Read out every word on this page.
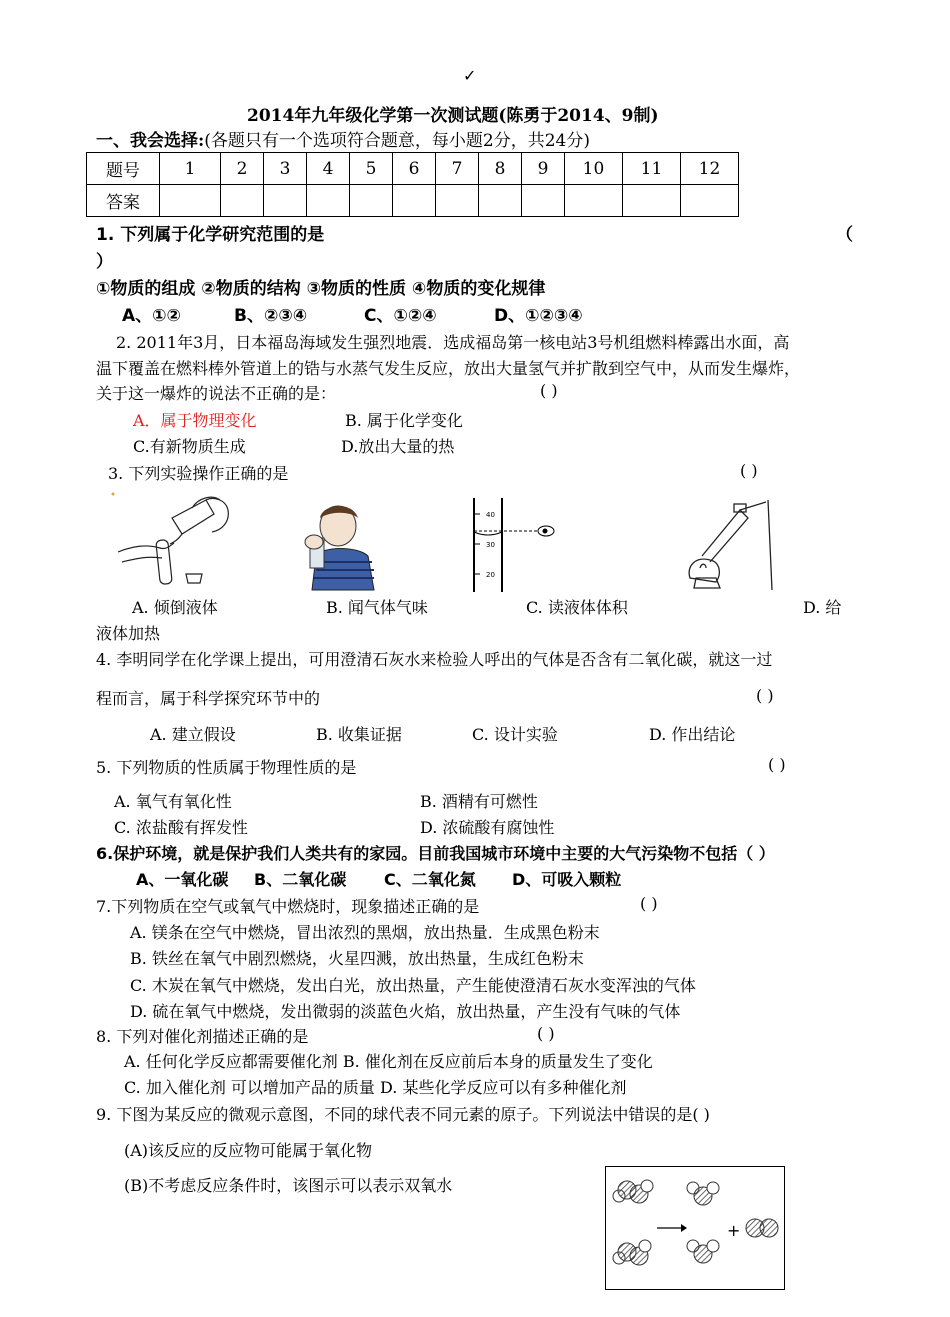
✓
2014年九年级化学第一次测试题(陈勇于2014、9制)
一、我会选择:(各题只有一个选项符合题意，每小题2分，共24分)
题号	1	2	3	4	5	6	7	8	9	10	11	12
答案												
1. 下列属于化学研究范围的是	（
）
①物质的组成 ②物质的结构 ③物质的性质 ④物质的变化规律
A、①②	B、②③④	C、①②④	D、①②③④
2. 2011年3月，日本福岛海域发生强烈地震．选成福岛第一核电站3号机组燃料棒露出水面，高
温下覆盖在燃料棒外管道上的锆与水蒸气发生反应，放出大量氢气并扩散到空气中，从而发生爆炸，
关于这一爆炸的说法不正确的是：	( )
A．属于物理变化	B. 属于化学变化
C.有新物质生成	D.放出大量的热
3. 下列实验操作正确的是	( )
40
30
20
A. 倾倒液体	B. 闻气体气味	C. 读液体体积	D. 给
液体加热
4. 李明同学在化学课上提出，可用澄清石灰水来检验人呼出的气体是否含有二氧化碳，就这一过
程而言，属于科学探究环节中的	( )
A. 建立假设	B. 收集证据	C. 设计实验	D. 作出结论
5. 下列物质的性质属于物理性质的是	( )
A. 氧气有氧化性	B. 酒精有可燃性
C. 浓盐酸有挥发性	D. 浓硫酸有腐蚀性
6.保护环境，就是保护我们人类共有的家园。目前我国城市环境中主要的大气污染物不包括（ ）
A、一氧化碳 B、二氧化碳 C、二氧化氮 D、可吸入颗粒
7.下列物质在空气或氧气中燃烧时，现象描述正确的是	( )
A. 镁条在空气中燃烧，冒出浓烈的黑烟，放出热量．生成黑色粉末
B. 铁丝在氧气中剧烈燃烧，火星四溅，放出热量，生成红色粉末
C. 木炭在氧气中燃烧，发出白光，放出热量，产生能使澄清石灰水变浑浊的气体
D. 硫在氧气中燃烧，发出微弱的淡蓝色火焰，放出热量，产生没有气味的气体
8. 下列对催化剂描述正确的是	( )
A. 任何化学反应都需要催化剂 B. 催化剂在反应前后本身的质量发生了变化
C. 加入催化剂 可以增加产品的质量 D. 某些化学反应可以有多种催化剂
9. 下图为某反应的微观示意图，不同的球代表不同元素的原子。下列说法中错误的是( )
(A)该反应的反应物可能属于氧化物
(B)不考虑反应条件时，该图示可以表示双氧水
+
